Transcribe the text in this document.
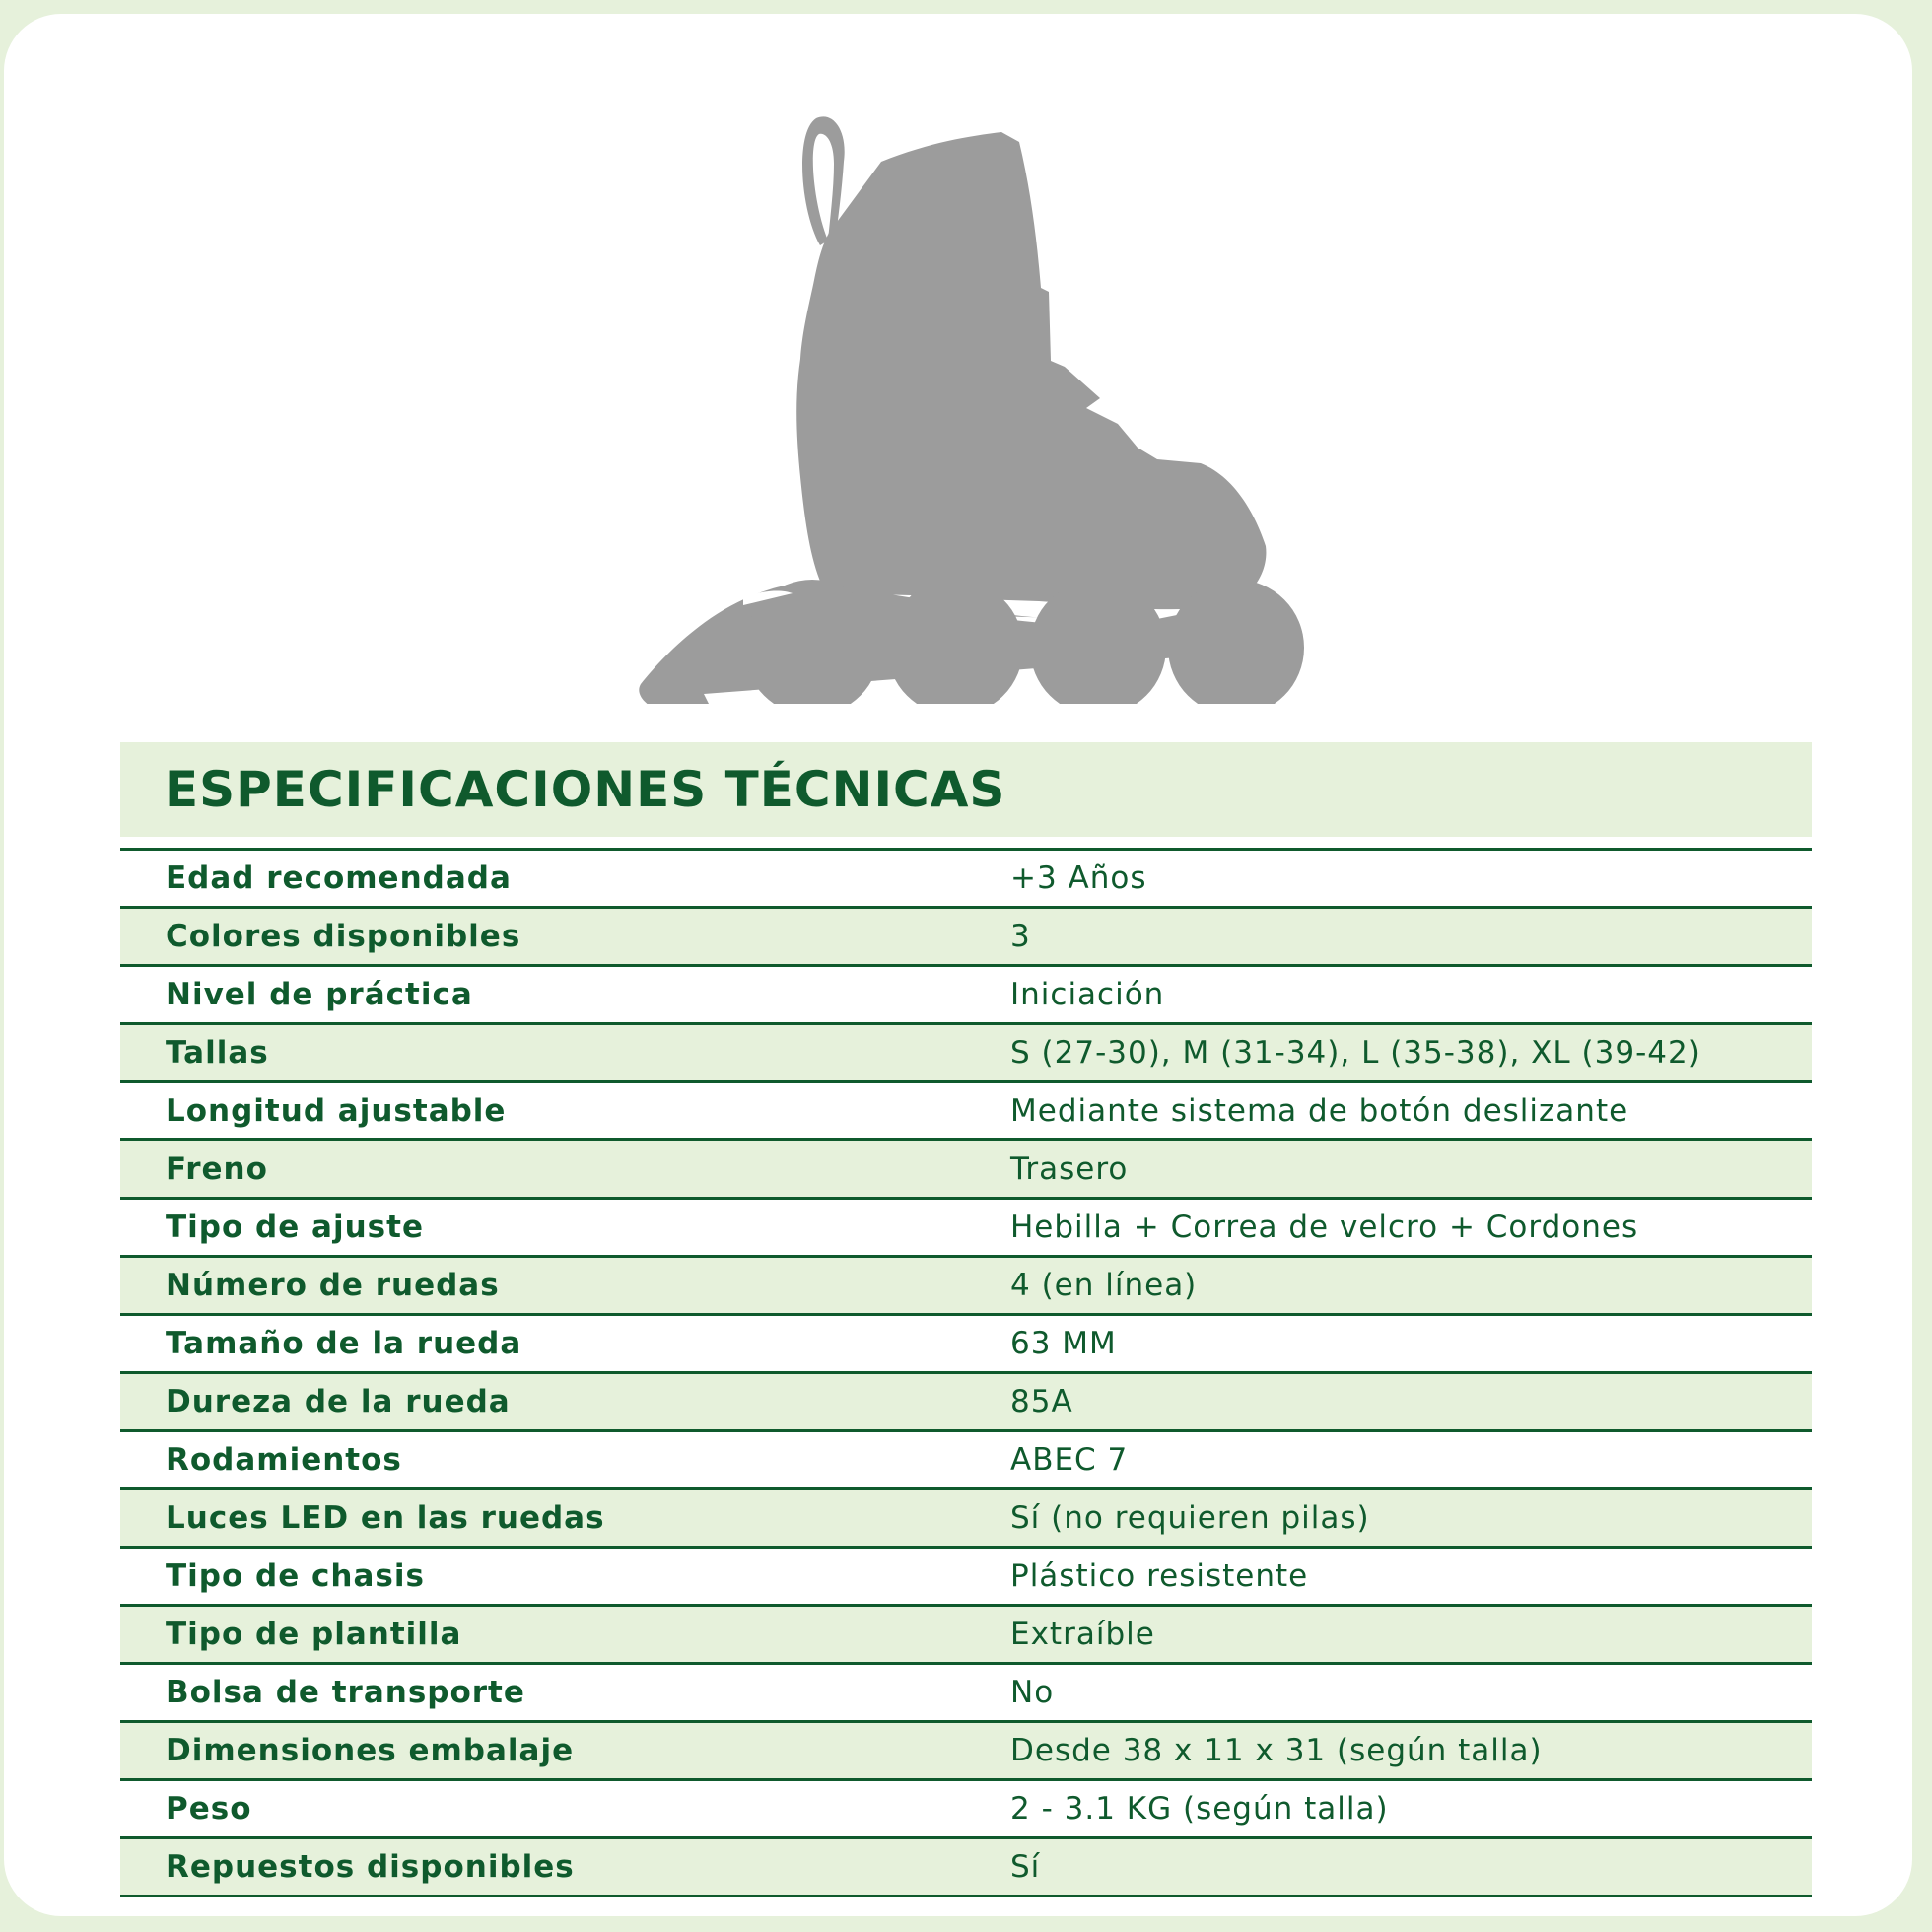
ESPECIFICACIONES TÉCNICAS
Edad recomendada	+3 Años
Colores disponibles	3
Nivel de práctica	Iniciación
Tallas	S (27-30), M (31-34), L (35-38), XL (39-42)
Longitud ajustable	Mediante sistema de botón deslizante
Freno	Trasero
Tipo de ajuste	Hebilla + Correa de velcro + Cordones
Número de ruedas	4 (en línea)
Tamaño de la rueda	63 MM
Dureza de la rueda	85A
Rodamientos	ABEC 7
Luces LED en las ruedas	Sí (no requieren pilas)
Tipo de chasis	Plástico resistente
Tipo de plantilla	Extraíble
Bolsa de transporte	No
Dimensiones embalaje	Desde 38 x 11 x 31 (según talla)
Peso	2 - 3.1 KG (según talla)
Repuestos disponibles	Sí
